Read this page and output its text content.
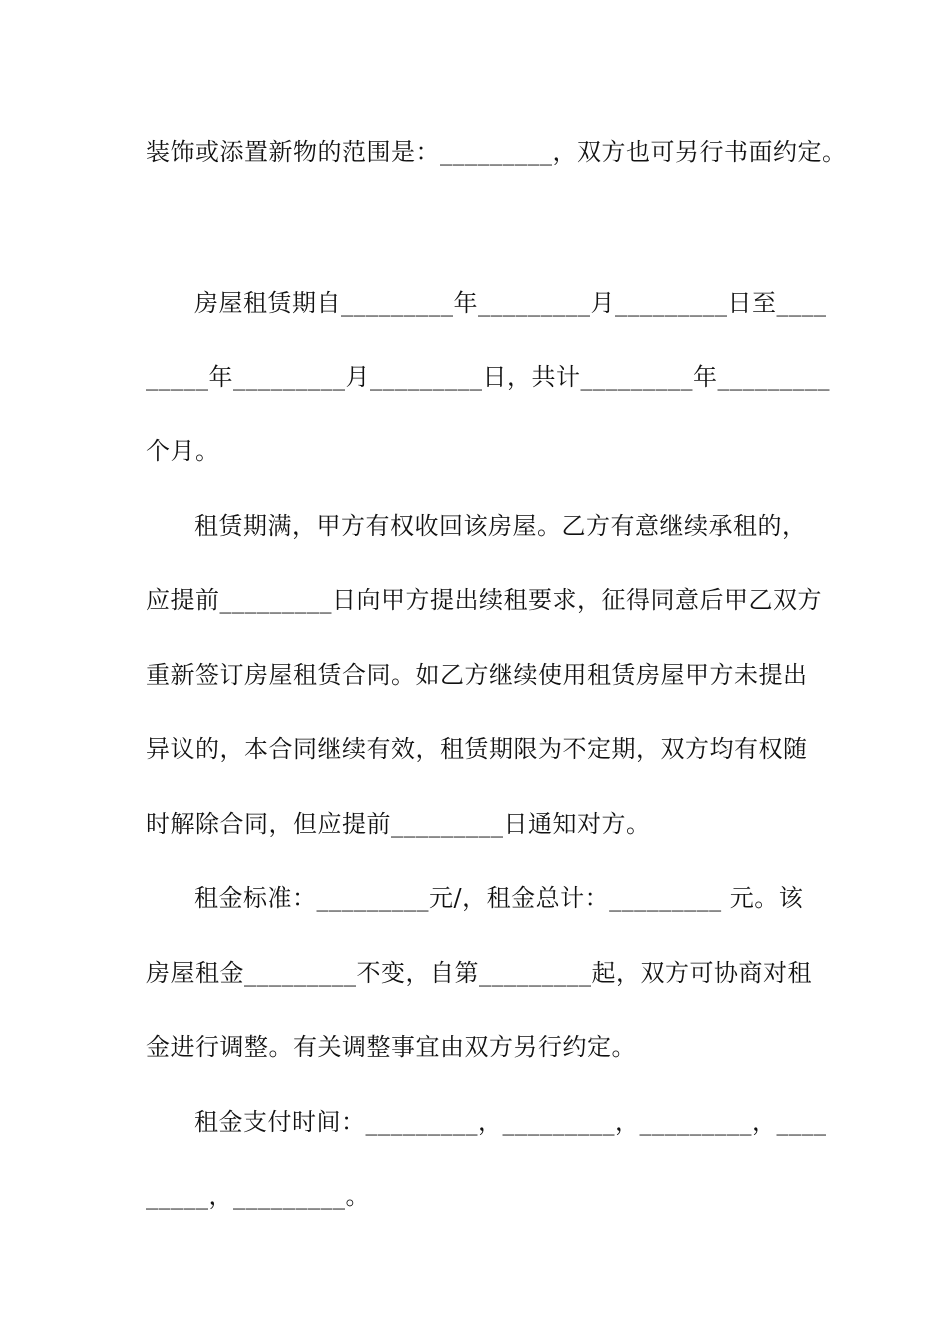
装饰或添置新物的范围是：_________，双方也可另行书面约定。
房屋租赁期自_________年_________月_________日至____
_____年_________月_________日，共计_________年_________
个月。
租赁期满，甲方有权收回该房屋。乙方有意继续承租的，
应提前_________日向甲方提出续租要求，征得同意后甲乙双方
重新签订房屋租赁合同。如乙方继续使用租赁房屋甲方未提出
异议的，本合同继续有效，租赁期限为不定期，双方均有权随
时解除合同，但应提前_________日通知对方。
租金标准：_________元/，租金总计：_________ 元。该
房屋租金_________不变，自第_________起，双方可协商对租
金进行调整。有关调整事宜由双方另行约定。
租金支付时间：_________，_________，_________，____
_____，_________。
